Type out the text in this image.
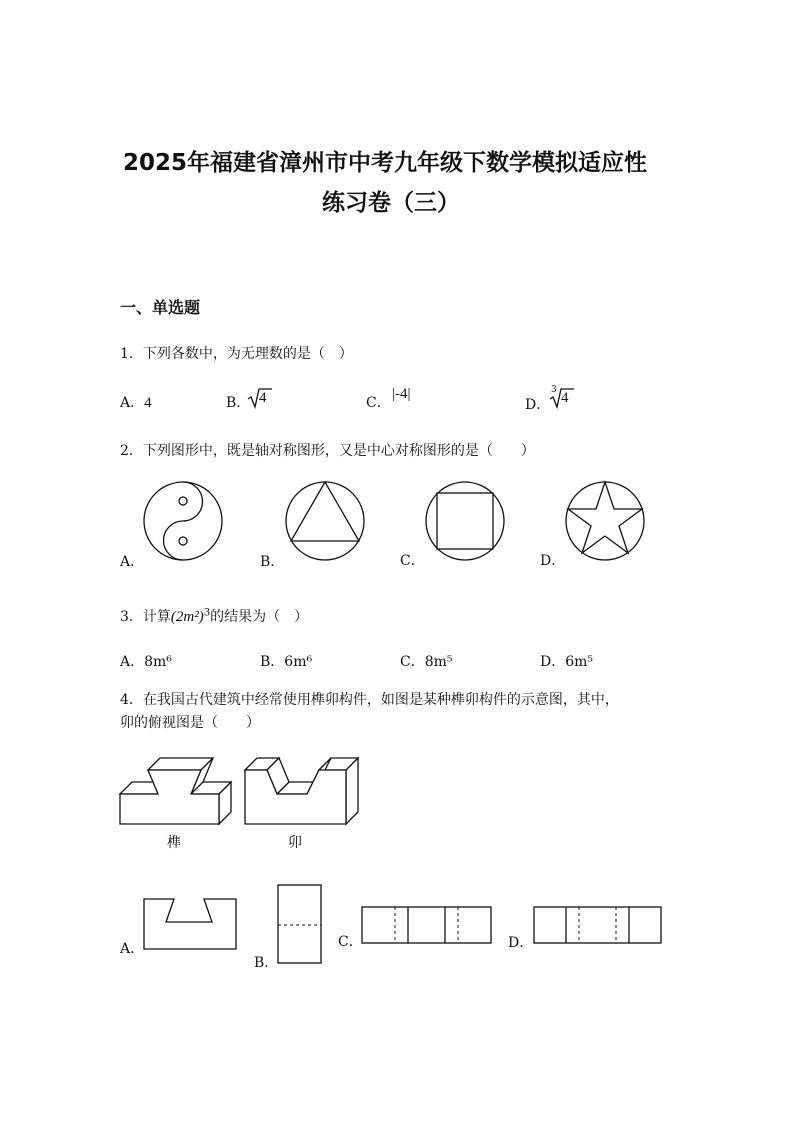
2025年福建省漳州市中考九年级下数学模拟适应性
练习卷（三）
一、单选题
1．下列各数中，为无理数的是（　）
A．4	B． 4	C．
|-4|
D．
3 4
2．下列图形中，既是轴对称图形，又是中心对称图形的是（　　）
A．	B．	C．	D．
3．计算$(2m^2)^3$的结果为（　）
A．8m⁶	B．6m⁶	C．8m⁵	D．6m⁵
4．在我国古代建筑中经常使用榫卯构件，如图是某种榫卯构件的示意图，其中，
卯的俯视图是（　　）
榫	卯
A．
B．
C．	D．
